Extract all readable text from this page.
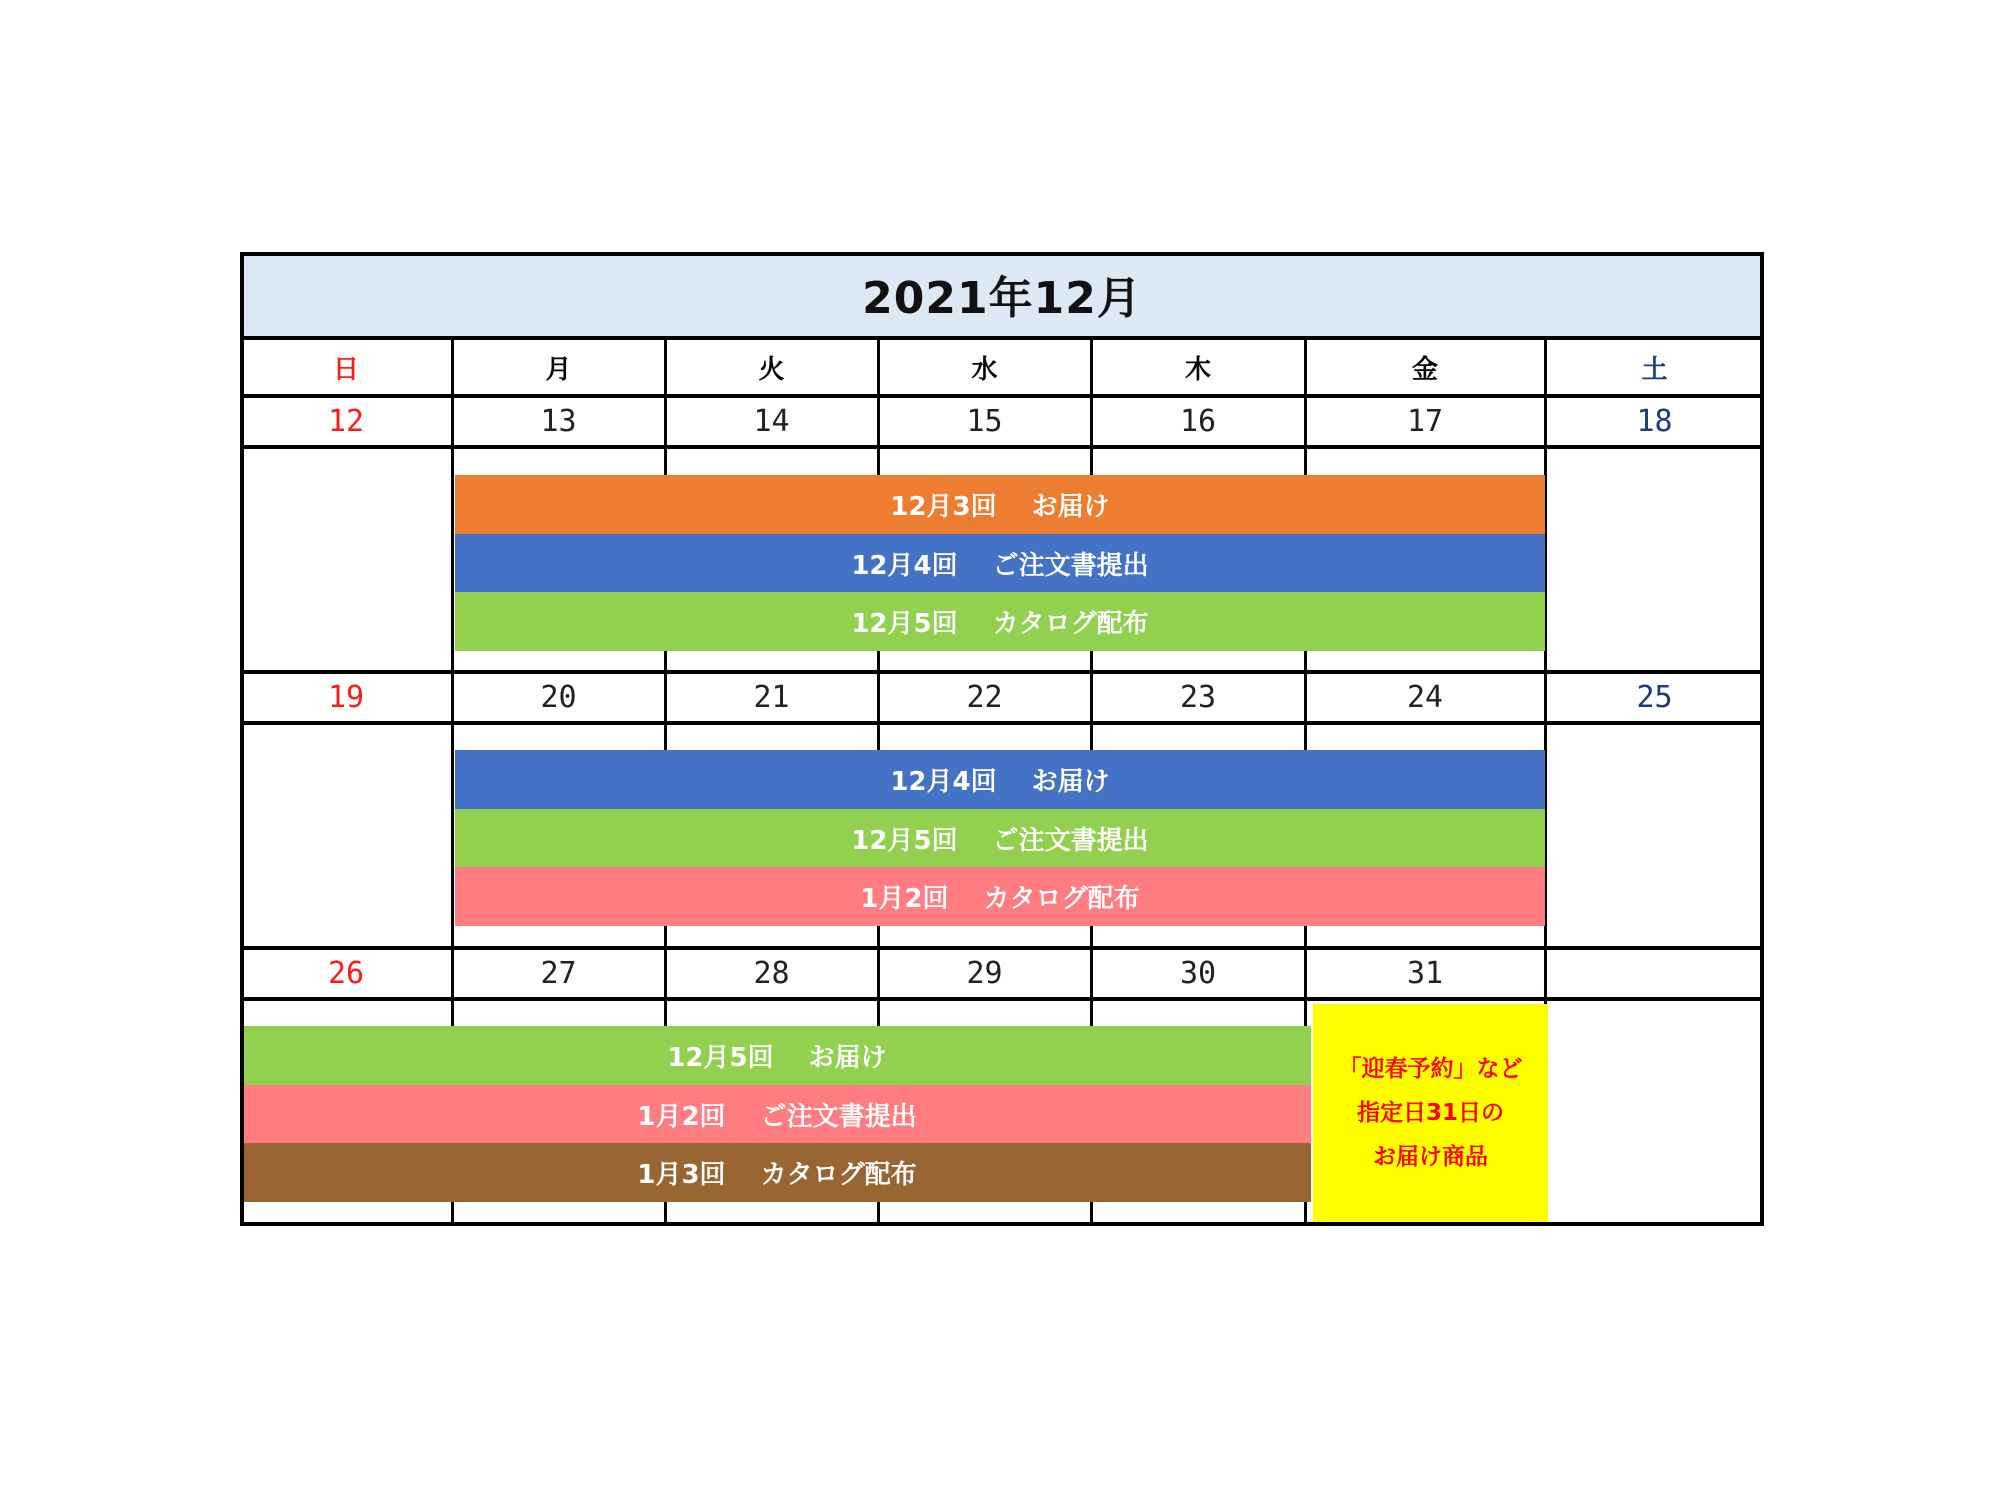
2021年12月
日	月	火	水	木	金	土
12	13	14	15	16	17	18
12月3回　 お届け
12月4回　 ご注文書提出
12月5回　 カタログ配布
19	20	21	22	23	24	25
12月4回　 お届け
12月5回　 ご注文書提出
1月2回　 カタログ配布
26	27	28	29	30	31
12月5回　 お届け
1月2回　 ご注文書提出
1月3回　 カタログ配布
「迎春予約」など
指定日31日の
お届け商品
